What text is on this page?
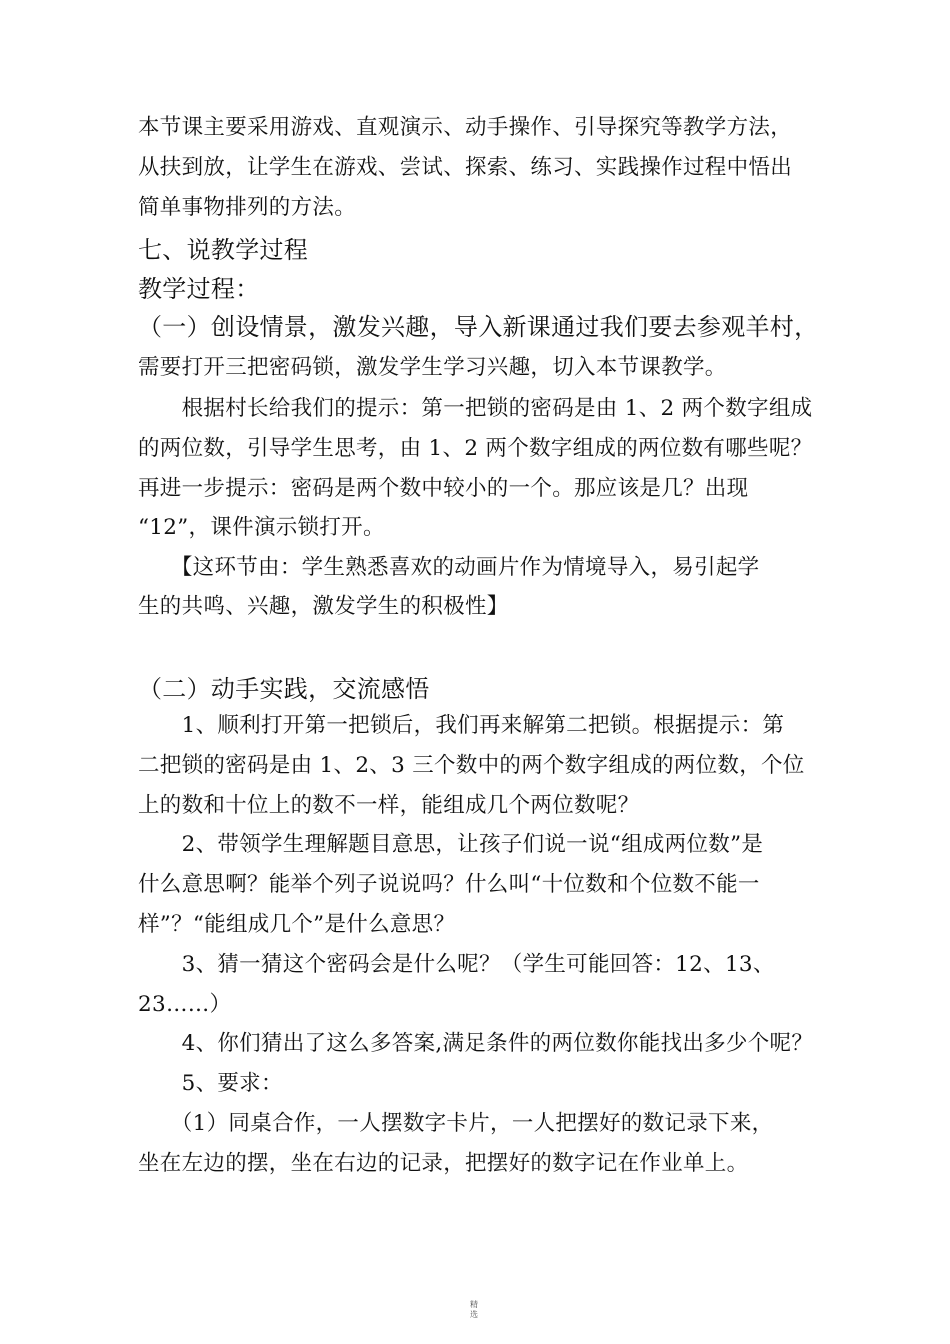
本节课主要采用游戏、直观演示、动手操作、引导探究等教学方法，
从扶到放，让学生在游戏、尝试、探索、练习、实践操作过程中悟出
简单事物排列的方法。
七、说教学过程
教学过程：
（一）创设情景，激发兴趣，导入新课通过我们要去参观羊村，
需要打开三把密码锁，激发学生学习兴趣，切入本节课教学。
　　根据村长给我们的提示：第一把锁的密码是由 1、2 两个数字组成
的两位数，引导学生思考，由 1、2 两个数字组成的两位数有哪些呢？
再进一步提示：密码是两个数中较小的一个。那应该是几？出现
“12”，课件演示锁打开。
　　【这环节由：学生熟悉喜欢的动画片作为情境导入，易引起学
生的共鸣、兴趣，激发学生的积极性】
（二）动手实践，交流感悟
　　1、顺利打开第一把锁后，我们再来解第二把锁。根据提示：第
二把锁的密码是由 1、2、3 三个数中的两个数字组成的两位数，个位
上的数和十位上的数不一样，能组成几个两位数呢？
　　2、带领学生理解题目意思，让孩子们说一说“组成两位数”是
什么意思啊？能举个列子说说吗？什么叫“十位数和个位数不能一
样”？“能组成几个”是什么意思？
　　3、猜一猜这个密码会是什么呢？（学生可能回答：12、13、
23……）
　　4、你们猜出了这么多答案,满足条件的两位数你能找出多少个呢？
　　5、要求：
　　（1）同桌合作，一人摆数字卡片，一人把摆好的数记录下来，
坐在左边的摆，坐在右边的记录，把摆好的数字记在作业单上。
精
选
